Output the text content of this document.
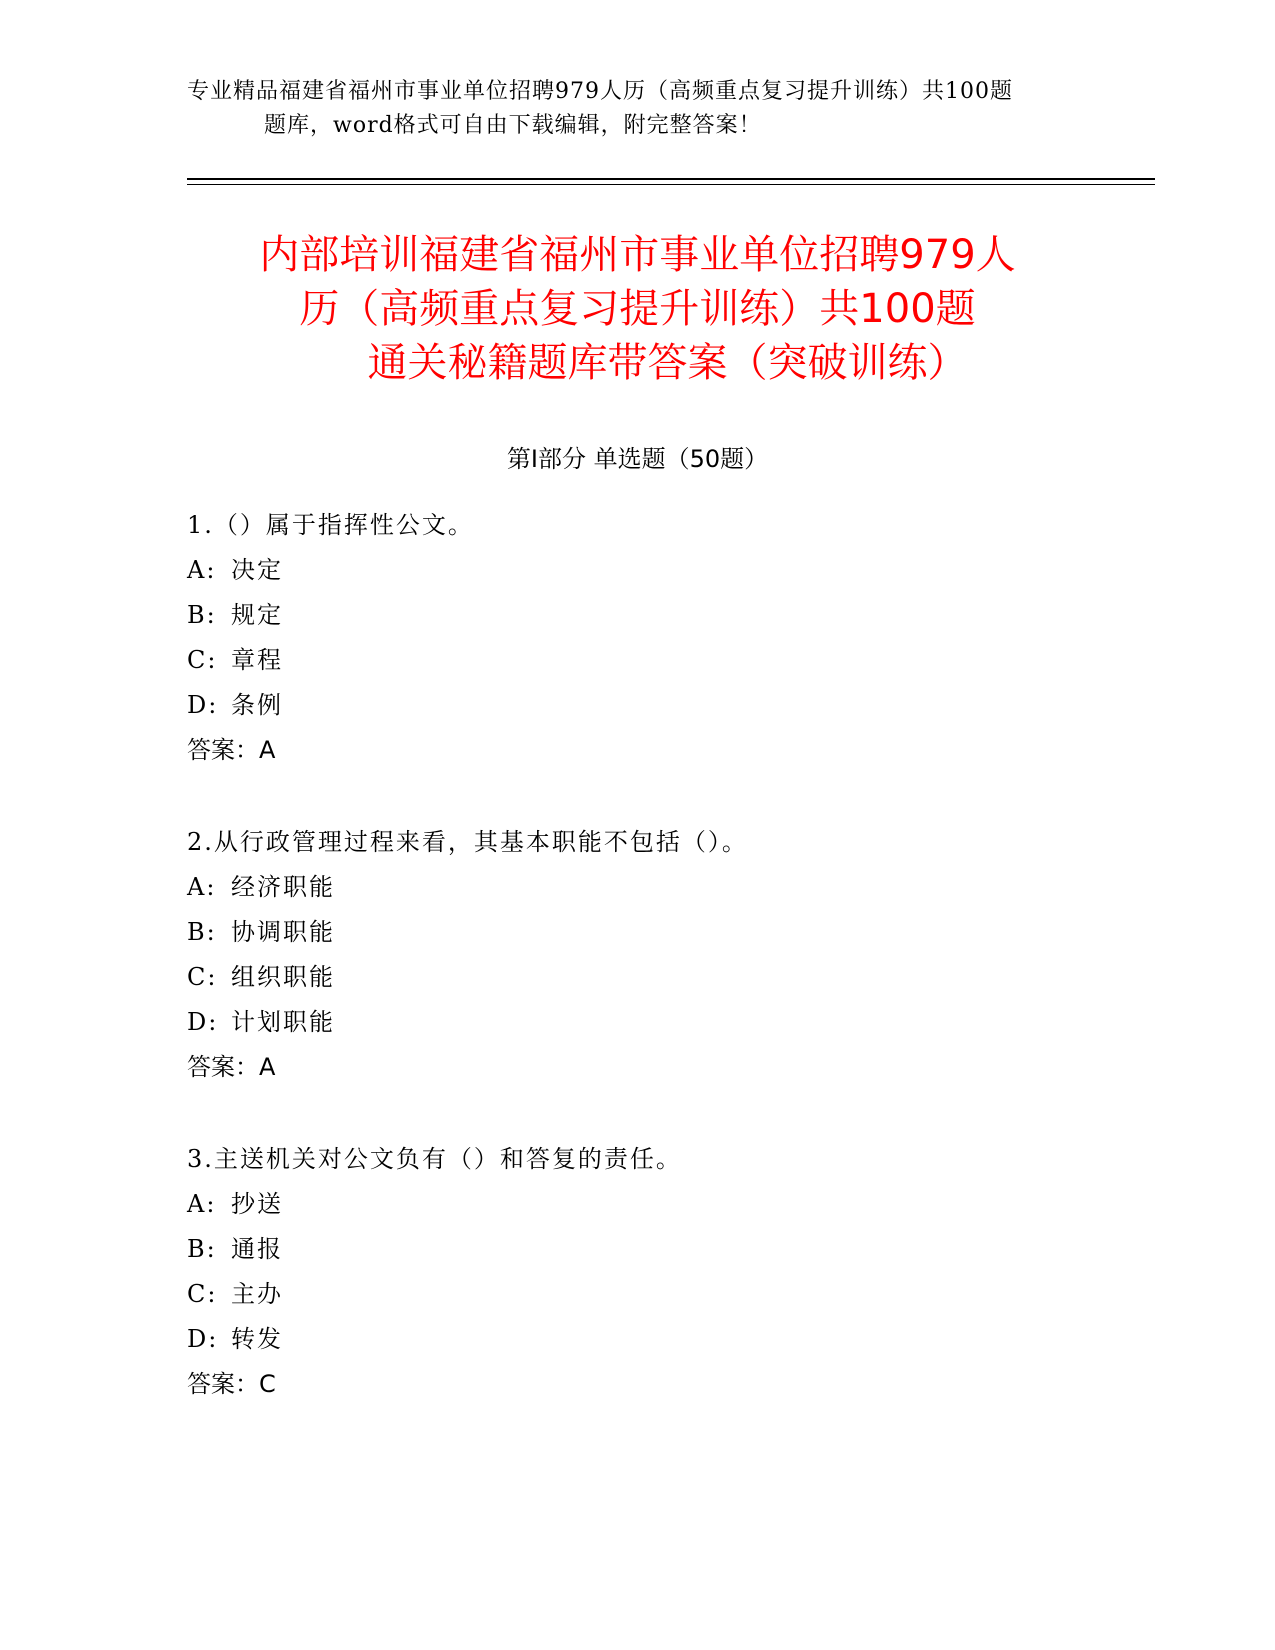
专业精品福建省福州市事业单位招聘979人历（高频重点复习提升训练）共100题
题库，word格式可自由下载编辑，附完整答案！
内部培训福建省福州市事业单位招聘979人
历（高频重点复习提升训练）共100题
通关秘籍题库带答案（突破训练）
第Ⅰ部分 单选题（50题）
1.（）属于指挥性公文。
A: 决定
B: 规定
C: 章程
D: 条例
答案：A
2.从行政管理过程来看，其基本职能不包括（）。
A: 经济职能
B: 协调职能
C: 组织职能
D: 计划职能
答案：A
3.主送机关对公文负有（）和答复的责任。
A: 抄送
B: 通报
C: 主办
D: 转发
答案：C
